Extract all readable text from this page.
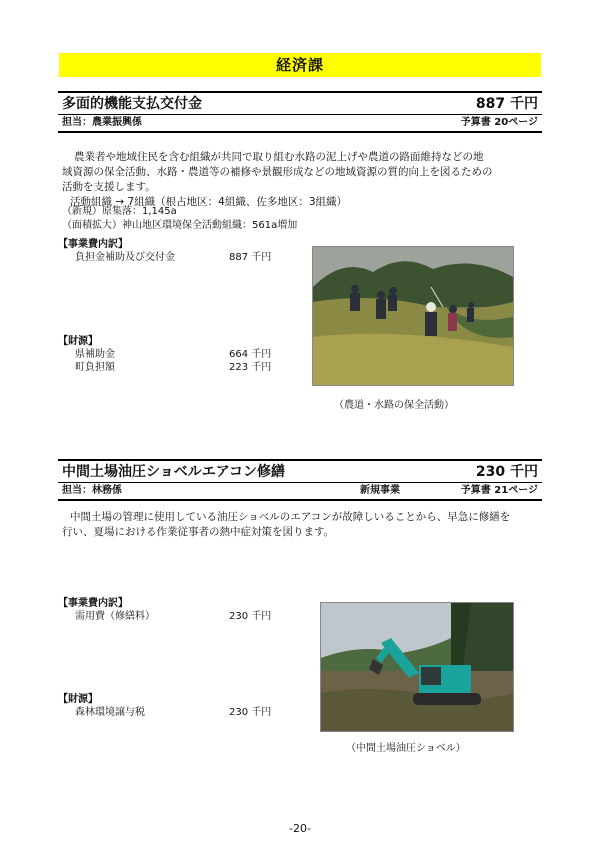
経済課
多面的機能支払交付金	887 千円
担当：農業振興係	予算書 20ページ
農業者や地域住民を含む組織が共同で取り組む水路の泥上げや農道の路面維持などの地
域資源の保全活動、水路・農道等の補修や景観形成などの地域資源の質的向上を図るための
活動を支援します。
活動組織 → 7組織（根占地区：4組織、佐多地区：3組織）
（新規）原集落：1,145a
（面積拡大）神山地区環境保全活動組織：561a増加
【事業費内訳】
負担金補助及び交付金	887 千円
【財源】
県補助金	664 千円
町負担額	223 千円
（農道・水路の保全活動）
中間土場油圧ショベルエアコン修繕	230 千円
担当：林務係	新規事業	予算書 21ページ
中間土場の管理に使用している油圧ショベルのエアコンが故障しいることから、早急に修繕を
行い、夏場における作業従事者の熱中症対策を図ります。
【事業費内訳】
需用費（修繕料）	230 千円
【財源】
森林環境譲与税	230 千円
（中間土場油圧ショベル）
-20-
